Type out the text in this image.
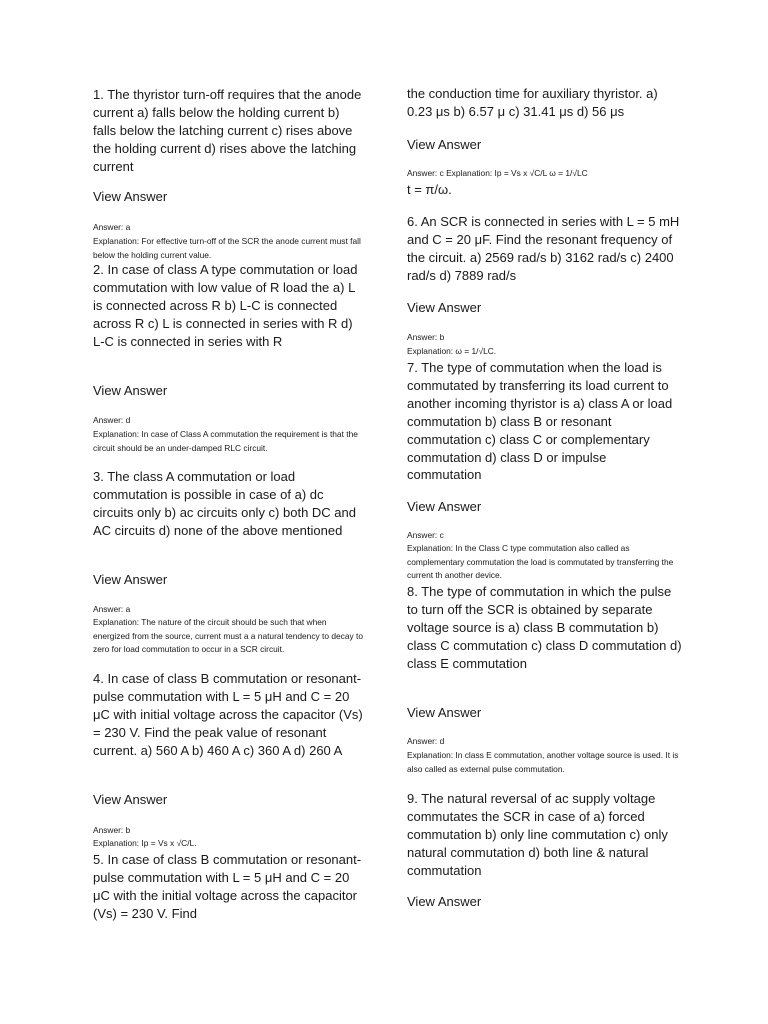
1. The thyristor turn-off requires that the anode current a) falls below the holding current b) falls below the latching current c) rises above the holding current d) rises above the latching current

View Answer

Answer: a

Explanation: For effective turn-off of the SCR the anode current must fall below the holding current value.

2. In case of class A type commutation or load commutation with low value of R load the a) L is connected across R b) L-C is connected across R c) L is connected in series with R d) L-C is connected in series with R

View Answer

Answer: d

Explanation: In case of Class A commutation the requirement is that the circuit should be an under-damped RLC circuit.

3. The class A commutation or load commutation is possible in case of a) dc circuits only b) ac circuits only c) both DC and AC circuits d) none of the above mentioned

View Answer

Answer: a

Explanation: The nature of the circuit should be such that when energized from the source, current must a a natural tendency to decay to zero for load commutation to occur in a SCR circuit.

4. In case of class B commutation or resonant-pulse commutation with L = 5 μH and C = 20 μC with initial voltage across the capacitor (Vs) = 230 V. Find the peak value of resonant current. a) 560 A b) 460 A c) 360 A d) 260 A

View Answer

Answer: b

Explanation: Ip = Vs x √C/L.

5. In case of class B commutation or resonant-pulse commutation with L = 5 μH and C = 20 μC with the initial voltage across the capacitor (Vs) = 230 V. Find

the conduction time for auxiliary thyristor. a) 0.23 μs b) 6.57 μ c) 31.41 μs d) 56 μs

View Answer

Answer: c Explanation: Ip = Vs x √C/L ω = 1/√LC

t = π/ω.

6. An SCR is connected in series with L = 5 mH and C = 20 μF. Find the resonant frequency of the circuit. a) 2569 rad/s b) 3162 rad/s c) 2400 rad/s d) 7889 rad/s

View Answer

Answer: b

Explanation: ω = 1/√LC.

7. The type of commutation when the load is commutated by transferring its load current to another incoming thyristor is a) class A or load commutation b) class B or resonant commutation c) class C or complementary commutation d) class D or impulse commutation

View Answer

Answer: c

Explanation: In the Class C type commutation also called as complementary commutation the load is commutated by transferring the current th another device.

8. The type of commutation in which the pulse to turn off the SCR is obtained by separate voltage source is a) class B commutation b) class C commutation c) class D commutation d) class E commutation

View Answer

Answer: d

Explanation: In class E commutation, another voltage source is used. It is also called as external pulse commutation.

9. The natural reversal of ac supply voltage commutates the SCR in case of a) forced commutation b) only line commutation c) only natural commutation d) both line & natural commutation

View Answer
